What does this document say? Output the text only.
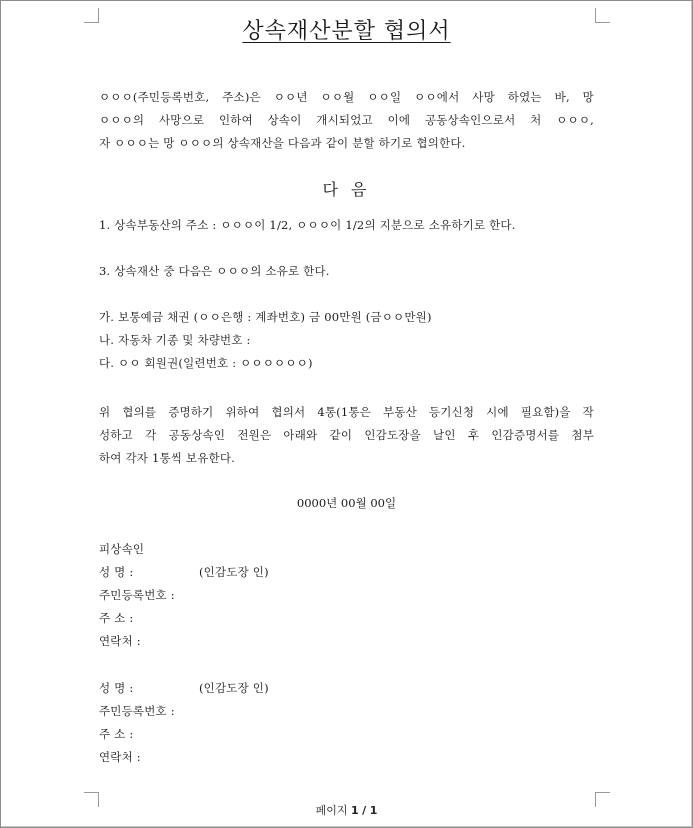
상속재산분할 협의서
ㅇㅇㅇ(주민등록번호, 주소)은 ㅇㅇ년 ㅇㅇ월 ㅇㅇ일 ㅇㅇ에서 사망 하였는 바, 망
ㅇㅇㅇ의 사망으로 인하여 상속이 개시되었고 이에 공동상속인으로서 처 ㅇㅇㅇ,
자 ㅇㅇㅇ는 망 ㅇㅇㅇ의 상속재산을 다음과 같이 분할 하기로 협의한다.
다 음
1. 상속부동산의 주소 : ㅇㅇㅇ이 1/2, ㅇㅇㅇ이 1/2의 지분으로 소유하기로 한다.
3. 상속재산 중 다음은 ㅇㅇㅇ의 소유로 한다.
가. 보통예금 채권 (ㅇㅇ은행 : 계좌번호) 금 00만원 (금ㅇㅇ만원)
나. 자동차 기종 및 차량번호 :
다. ㅇㅇ 회원권(일련번호 : ㅇㅇㅇㅇㅇㅇ)
위 협의를 증명하기 위하여 협의서 4통(1통은 부동산 등기신청 시에 필요함)을 작
성하고 각 공동상속인 전원은 아래와 같이 인감도장을 날인 후 인감증명서를 첨부
하여 각자 1통씩 보유한다.
0000년 00월 00일
피상속인
성 명 :	(인감도장 인)
주민등록번호 :
주 소 :
연락처 :
성 명 :	(인감도장 인)
주민등록번호 :
주 소 :
연락처 :
페이지 1 / 1
